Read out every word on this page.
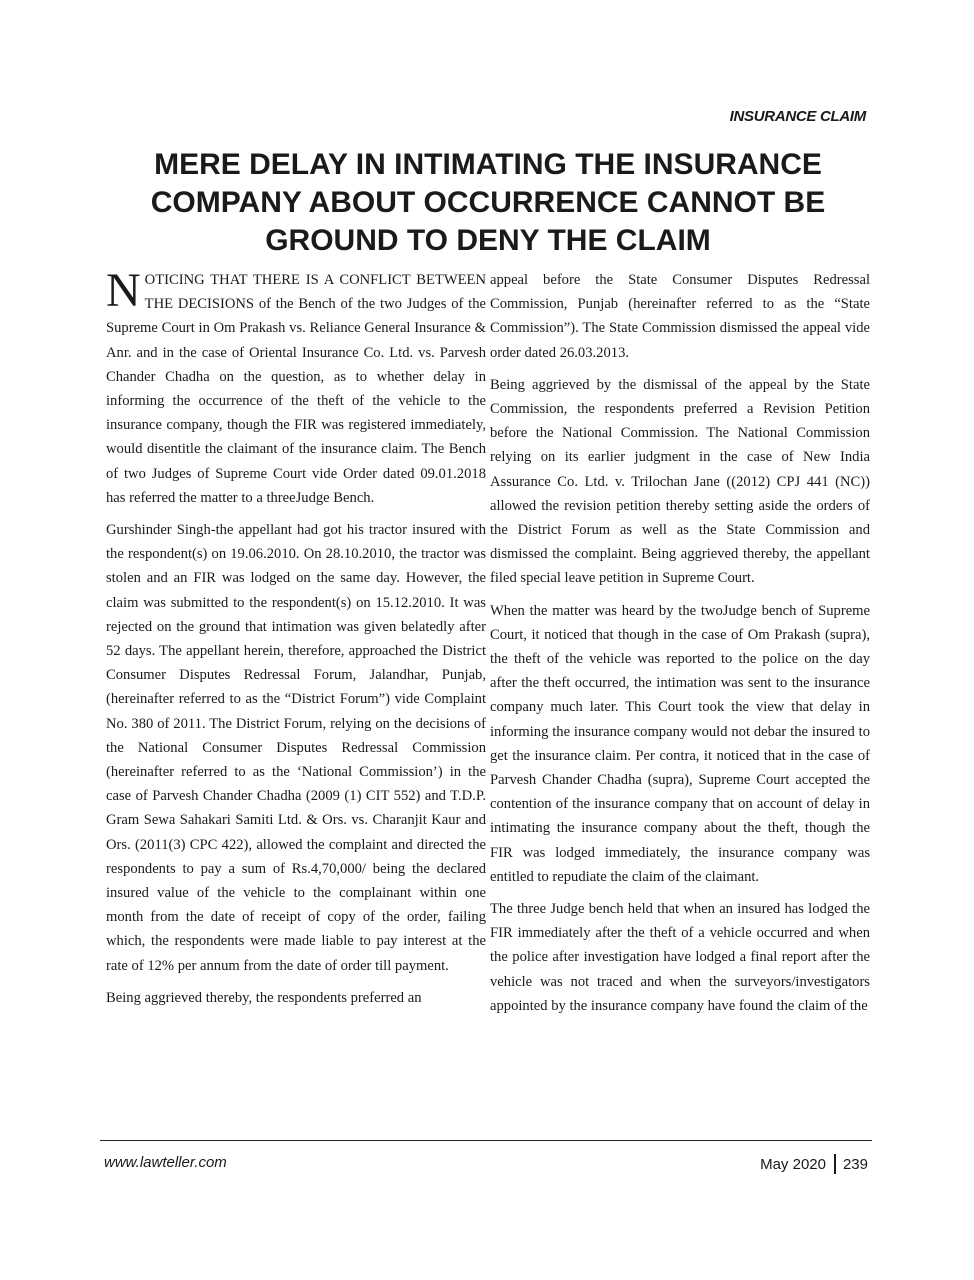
INSURANCE CLAIM
MERE DELAY IN INTIMATING THE INSURANCE COMPANY ABOUT OCCURRENCE CANNOT BE GROUND TO DENY THE CLAIM

NOTICING THAT THERE IS A CONFLICT BETWEEN THE DECISIONS of the Bench of the two Judges of the Supreme Court in Om Prakash vs. Reliance General Insurance & Anr. and in the case of Oriental Insurance Co. Ltd. vs. Parvesh Chander Chadha on the question, as to whether delay in informing the occurrence of the theft of the vehicle to the insurance company, though the FIR was registered immediately, would disentitle the claimant of the insurance claim. The Bench of two Judges of Supreme Court vide Order dated 09.01.2018 has referred the matter to a threeJudge Bench.

Gurshinder Singh-the appellant had got his tractor insured with the respondent(s) on 19.06.2010. On 28.10.2010, the tractor was stolen and an FIR was lodged on the same day. However, the claim was submitted to the respondent(s) on 15.12.2010. It was rejected on the ground that intimation was given belatedly after 52 days. The appellant herein, therefore, approached the District Consumer Disputes Redressal Forum, Jalandhar, Punjab, (hereinafter referred to as the “District Forum”) vide Complaint No. 380 of 2011. The District Forum, relying on the decisions of the National Consumer Disputes Redressal Commission (hereinafter referred to as the ‘National Commission’) in the case of Parvesh Chander Chadha (2009 (1) CIT 552) and T.D.P. Gram Sewa Sahakari Samiti Ltd. & Ors. vs. Charanjit Kaur and Ors. (2011(3) CPC 422), allowed the complaint and directed the respondents to pay a sum of Rs.4,70,000/ being the declared insured value of the vehicle to the complainant within one month from the date of receipt of copy of the order, failing which, the respondents were made liable to pay interest at the rate of 12% per annum from the date of order till payment.

Being aggrieved thereby, the respondents preferred an

appeal before the State Consumer Disputes Redressal Commission, Punjab (hereinafter referred to as the “State Commission”). The State Commission dismissed the appeal vide order dated 26.03.2013.

Being aggrieved by the dismissal of the appeal by the State Commission, the respondents preferred a Revision Petition before the National Commission. The National Commission relying on its earlier judgment in the case of New India Assurance Co. Ltd. v. Trilochan Jane ((2012) CPJ 441 (NC)) allowed the revision petition thereby setting aside the orders of the District Forum as well as the State Commission and dismissed the complaint. Being aggrieved thereby, the appellant filed special leave petition in Supreme Court.

When the matter was heard by the twoJudge bench of Supreme Court, it noticed that though in the case of Om Prakash (supra), the theft of the vehicle was reported to the police on the day after the theft occurred, the intimation was sent to the insurance company much later. This Court took the view that delay in informing the insurance company would not debar the insured to get the insurance claim. Per contra, it noticed that in the case of Parvesh Chander Chadha (supra), Supreme Court accepted the contention of the insurance company that on account of delay in intimating the insurance company about the theft, though the FIR was lodged immediately, the insurance company was entitled to repudiate the claim of the claimant.

The three Judge bench held that when an insured has lodged the FIR immediately after the theft of a vehicle occurred and when the police after investigation have lodged a final report after the vehicle was not traced and when the surveyors/investigators appointed by the insurance company have found the claim of the

www.lawteller.com	May 2020 239
